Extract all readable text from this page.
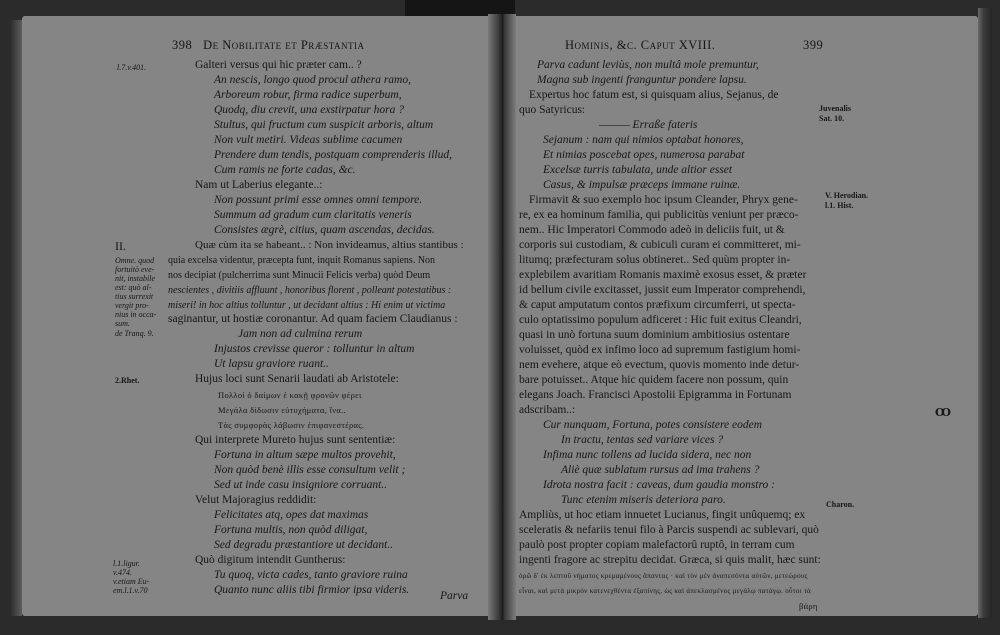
398 De Nobilitate et Præstantia
l.7.v.401.	Galteri versus qui hic præter cam.. ?
An nescis, longo quod procul athera ramo,
Arboreum robur, firma radice superbum,
Quodq, diu crevit, una exstirpatur hora ?
Stultus, qui fructum cum suspicit arboris, altum
Non vult metiri. Videas sublime cacumen
Prendere dum tendis, postquam comprenderis illud,
Cum ramis ne forte cadas, &c.
Nam ut Laberius elegante..:
Non possunt primi esse omnes omni tempore.
Summum ad gradum cum claritatis veneris
Consistes ægrè, citius, quam ascendas, decidas.
II.
Omne. quod
fortuitò eve-
nit, instabile
est: quò al-
tius surrexit
vergit pro-
nius in occa-
sum.
de Tranq. 9.
Quæ cùm ita se habeant.. : Non invideamus, altius stantibus :
quia excelsa videntur, præcepta funt, inquit Romanus sapiens. Non
nos decipiat (pulcherrima sunt Minucii Felicis verba) quòd Deum
nescientes , divitiis affluunt , honoribus florent , polleant potestatibus :
miseri! in hoc altius tolluntur , ut decidant altius : Hi enim ut victima
saginantur, ut hostiæ coronantur. Ad quam faciem Claudianus :
Jam non ad culmina rerum
Injustos crevisse queror : tolluntur in altum
Ut lapsu graviore ruant..
Hujus loci sunt Senarii laudati ab Aristotele:
2.Rhet.
Πολλοὶ ὁ δαίμων ἐ κακῇ φρονῶν φέρει
Μεγάλα δίδωσιν εὐτυχήματα, ἵνα..
Τὰς συμφορὰς λάβωσιν ἐπιφανεστέρας.
Qui interprete Mureto hujus sunt sententiæ:
Fortuna in altum sæpe multos provehit,
Non quòd benè illis esse consultum velit ;
Sed ut inde casu insigniore corruant..
Velut Majoragius reddidit:
Felicitates atq, opes dat maximas
Fortuna multis, non quòd diligat,
Sed degradu præstantiore ut decidant..
Quò digitum intendit Guntherus:
Tu quoq, victa cades, tanto graviore ruina
Quanto nunc aliis tibi firmior ipsa videris.
l.1.ligur.
v.474.
v.etiam Eu-
em.l.1.v.70	Parva
Hominis, &c. Caput XVIII.	399
Parva cadunt leviùs, non multâ mole premuntur,
Magna sub ingenti franguntur pondere lapsu.
Expertus hoc fatum est, si quisquam alius, Sejanus, de
quo Satyricus:
——— Erraße fateris
Sejanum : nam qui nimios optabat honores,
Et nimias poscebat opes, numerosa parabat
Excelsæ turris tabulata, unde altior esset
Casus, & impulsæ præceps immane ruinæ.
Juvenalis
Sat. 10.
Firmavit & suo exemplo hoc ipsum Cleander, Phryx gene-
re, ex ea hominum familia, qui publicitùs veniunt per præco-
nem.. Hic Imperatori Commodo adeò in deliciis fuit, ut &
corporis sui custodiam, & cubiculi curam ei committeret, mi-
litumq; præfecturam solus obtineret.. Sed quùm propter in-
explebilem avaritiam Romanis maximè exosus esset, & præter
id bellum civile excitasset, jussit eum Imperator comprehendi,
& caput amputatum contos præfixum circumferri, ut specta-
culo optatissimo populum adficeret : Hic fuit exitus Cleandri,
quasi in unò fortuna suum dominium ambitiosius ostentare
voluisset, quòd ex infimo loco ad supremum fastigium homi-
nem evehere, atque eò evectum, quovis momento inde detur-
bare potuisset.. Atque hic quidem facere non possum, quin
elegans Joach. Francisci Apostolii Epigramma in Fortunam
adscribam..:
V. Herodian.
l.1. Hist.
Cur nunquam, Fortuna, potes consistere eodem
In tractu, tentas sed variare vices ?
Infima nunc tollens ad lucida sidera, nec non
Aliè quæ sublatum rursus ad ima trahens ?
Idrota nostra facit : caveas, dum gaudia monstro :
Tunc etenim miseris deteriora paro.
Ꝏ
Ampliùs, ut hoc etiam innuetet Lucianus, fingit unûquemq; ex
sceleratis & nefariis tenui filo à Parcis suspendi ac sublevari, quò
paulò post propter copiam malefactorû ruptô, in terram cum
ingenti fragore ac strepitu decidat. Græca, si quis malit, hæc sunt:
ὁρῶ δ' ἐκ λεπτοῦ νήματος κρεμαμένους ἅπαντας · καὶ τὸν μὲν ἀναπεσόντα αὐτῶν, μετεώρους
εἶναι, καὶ μετὰ μικρὸν κατενεχθέντα ἐξαπίνης, ὡς καὶ ἀπεκλασμένος μεγάλῳ πατάγῳ. οὗτοι τὰ
βάρη
Charon.
